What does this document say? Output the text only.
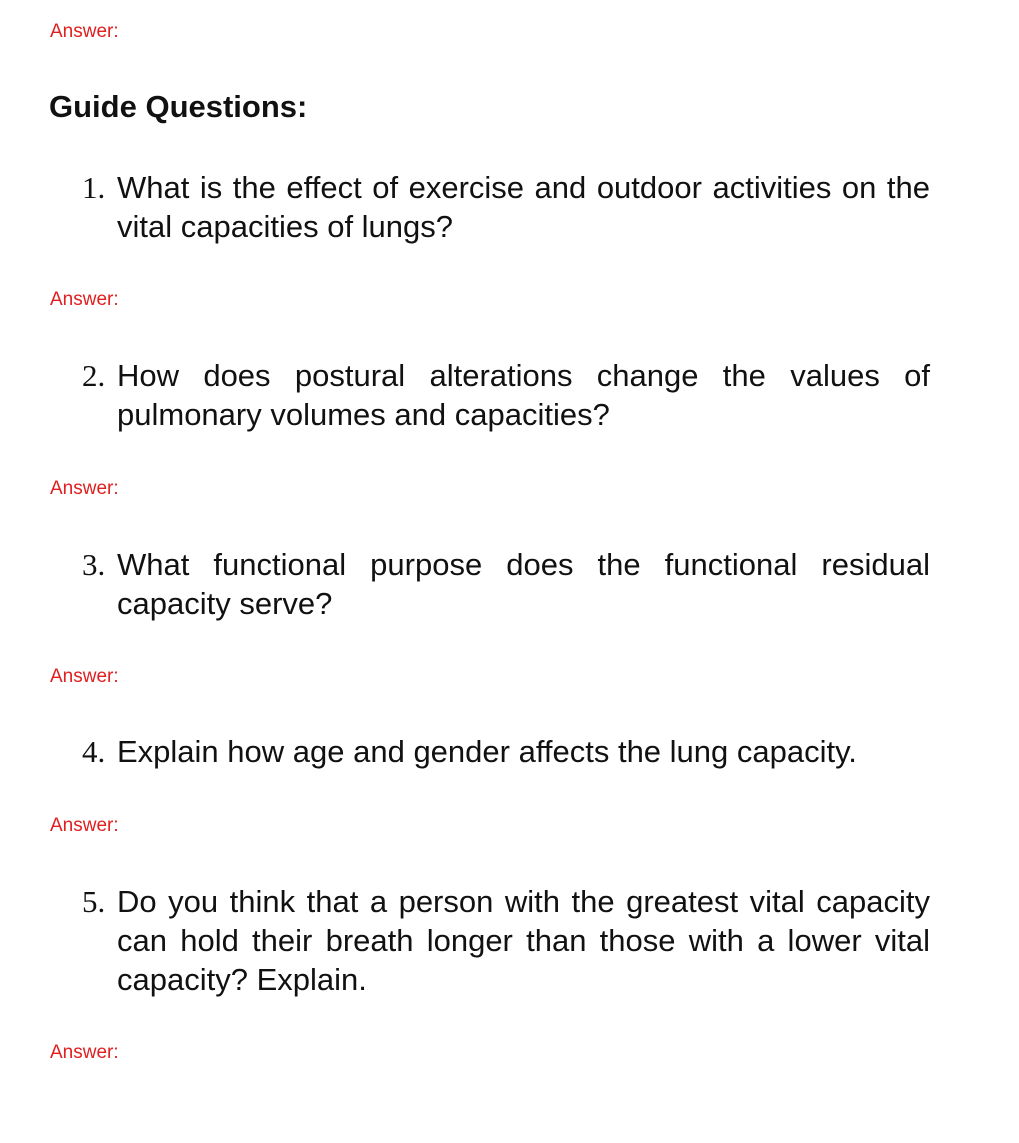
Answer:
Guide Questions:
1. What is the effect of exercise and outdoor activities on the vital capacities of lungs?
Answer:
2. How does postural alterations change the values of pulmonary volumes and capacities?
Answer:
3. What functional purpose does the functional residual capacity serve?
Answer:
4. Explain how age and gender affects the lung capacity.
Answer:
5. Do you think that a person with the greatest vital capacity can hold their breath longer than those with a lower vital capacity? Explain.
Answer:
